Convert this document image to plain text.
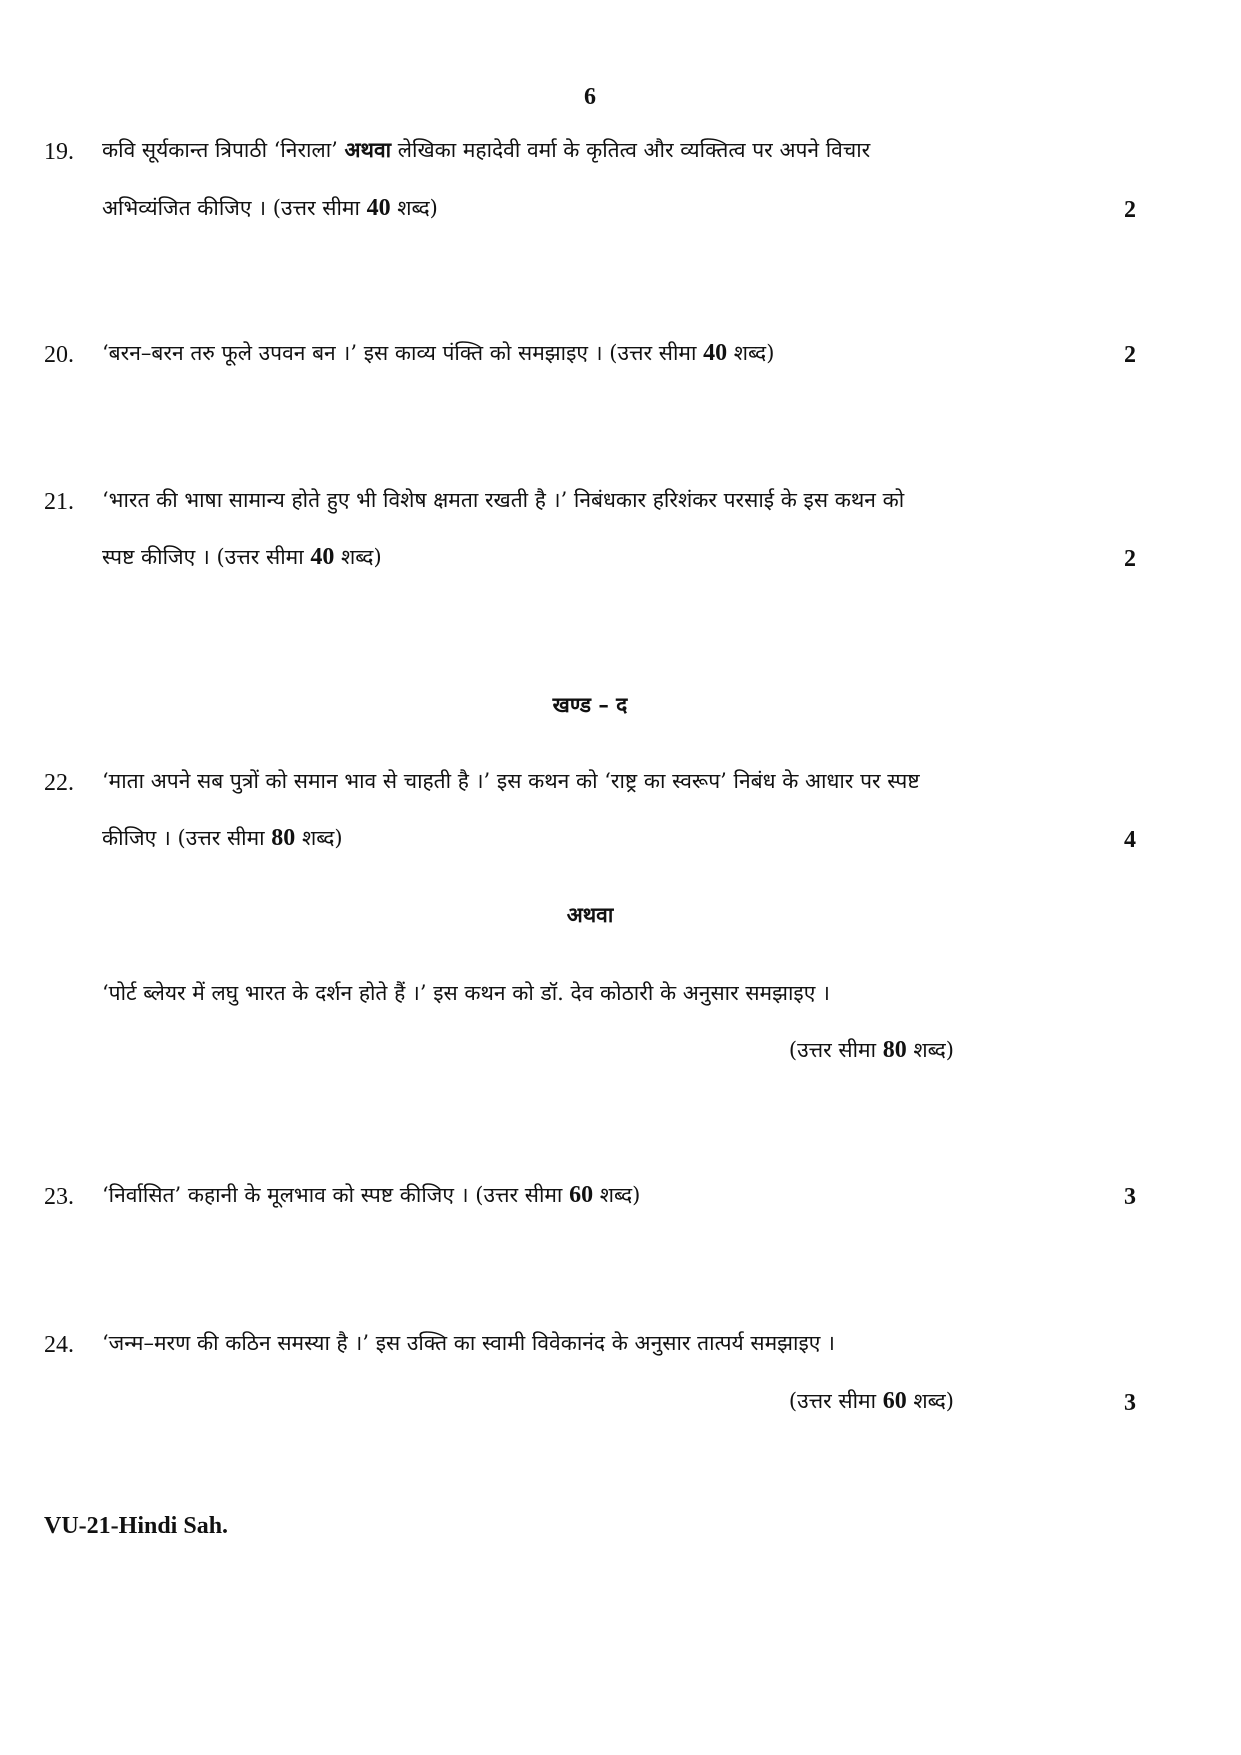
6
19. कवि सूर्यकान्त त्रिपाठी ‘निराला’ अथवा लेखिका महादेवी वर्मा के कृतित्व और व्यक्तित्व पर अपने विचार
अभिव्यंजित कीजिए । (उत्तर सीमा 40 शब्द)	2
20. ‘बरन–बरन तरु फूले उपवन बन ।’ इस काव्य पंक्ति को समझाइए । (उत्तर सीमा 40 शब्द)	2
21. ‘भारत की भाषा सामान्य होते हुए भी विशेष क्षमता रखती है ।’ निबंधकार हरिशंकर परसाई के इस कथन को
स्पष्ट कीजिए । (उत्तर सीमा 40 शब्द)	2
खण्ड – द
22. ‘माता अपने सब पुत्रों को समान भाव से चाहती है ।’ इस कथन को ‘राष्ट्र का स्वरूप’ निबंध के आधार पर स्पष्ट
कीजिए । (उत्तर सीमा 80 शब्द)	4
अथवा
‘पोर्ट ब्लेयर में लघु भारत के दर्शन होते हैं ।’ इस कथन को डॉ. देव कोठारी के अनुसार समझाइए ।
(उत्तर सीमा 80 शब्द)
23. ‘निर्वासित’ कहानी के मूलभाव को स्पष्ट कीजिए । (उत्तर सीमा 60 शब्द)	3
24. ‘जन्म–मरण की कठिन समस्या है ।’ इस उक्ति का स्वामी विवेकानंद के अनुसार तात्पर्य समझाइए ।
(उत्तर सीमा 60 शब्द)	3
VU-21-Hindi Sah.
